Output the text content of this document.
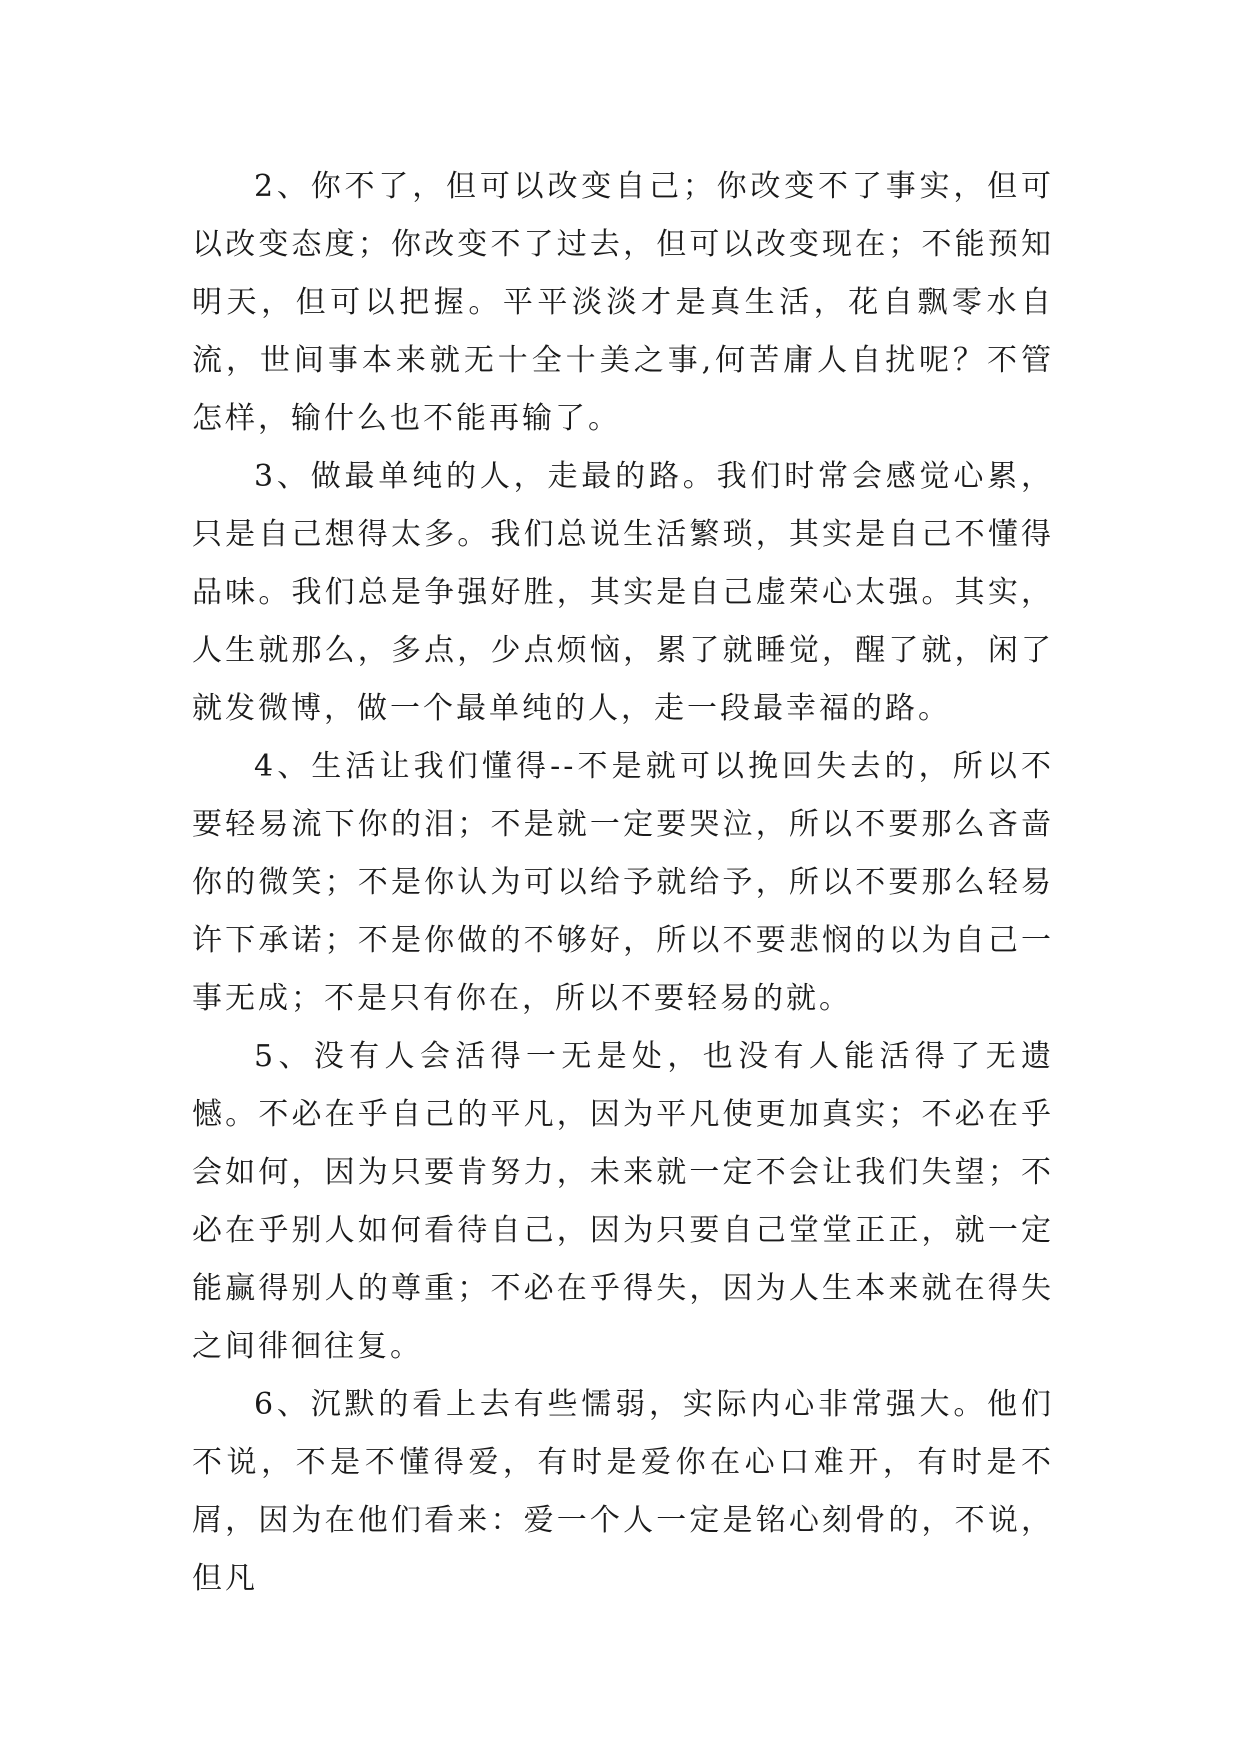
2、你不了，但可以改变自己；你改变不了事实，但可以改变态度；你改变不了过去，但可以改变现在；不能预知明天，但可以把握。平平淡淡才是真生活，花自飘零水自流，世间事本来就无十全十美之事,何苦庸人自扰呢？不管怎样，输什么也不能再输了。

3、做最单纯的人，走最的路。我们时常会感觉心累，只是自己想得太多。我们总说生活繁琐，其实是自己不懂得品味。我们总是争强好胜，其实是自己虚荣心太强。其实，人生就那么，多点，少点烦恼，累了就睡觉，醒了就，闲了就发微博，做一个最单纯的人，走一段最幸福的路。

4、生活让我们懂得--不是就可以挽回失去的，所以不要轻易流下你的泪；不是就一定要哭泣，所以不要那么吝啬你的微笑；不是你认为可以给予就给予，所以不要那么轻易许下承诺；不是你做的不够好，所以不要悲悯的以为自己一事无成；不是只有你在，所以不要轻易的就。

5、没有人会活得一无是处，也没有人能活得了无遗憾。不必在乎自己的平凡，因为平凡使更加真实；不必在乎会如何，因为只要肯努力，未来就一定不会让我们失望；不必在乎别人如何看待自己，因为只要自己堂堂正正，就一定能赢得别人的尊重；不必在乎得失，因为人生本来就在得失之间徘徊往复。

6、沉默的看上去有些懦弱，实际内心非常强大。他们不说，不是不懂得爱，有时是爱你在心口难开，有时是不屑，因为在他们看来：爱一个人一定是铭心刻骨的，不说，但凡
